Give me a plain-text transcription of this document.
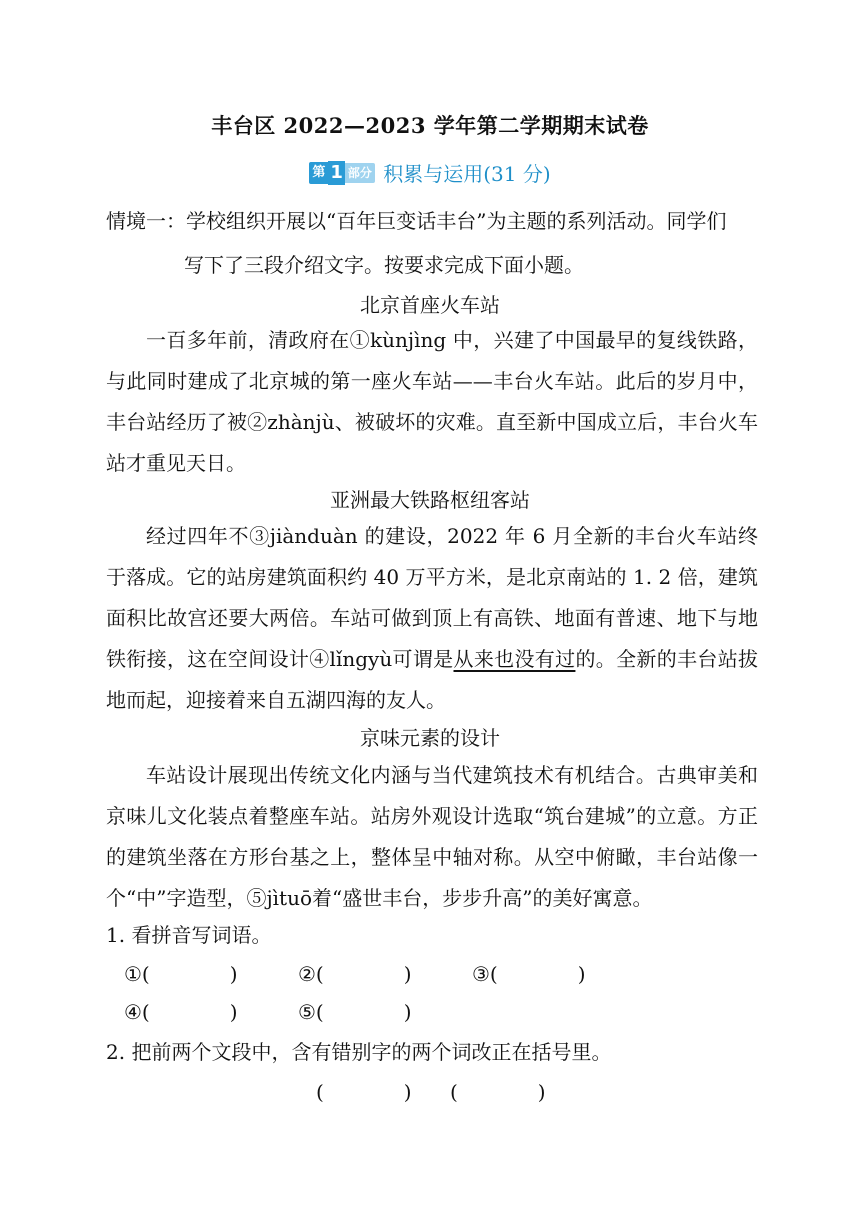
丰台区 2022—2023 学年第二学期期末试卷
第 1 部分 积累与运用(31 分)
情境一：学校组织开展以“百年巨变话丰台”为主题的系列活动。同学们
写下了三段介绍文字。按要求完成下面小题。
北京首座火车站
一百多年前，清政府在①kùnjìng 中，兴建了中国最早的复线铁路，与此同时建成了北京城的第一座火车站——丰台火车站。此后的岁月中，丰台站经历了被②zhànjù、被破坏的灾难。直至新中国成立后，丰台火车站才重见天日。
亚洲最大铁路枢纽客站
经过四年不③jiànduàn 的建设，2022 年 6 月全新的丰台火车站终于落成。它的站房建筑面积约 40 万平方米，是北京南站的 1. 2 倍，建筑面积比故宫还要大两倍。车站可做到顶上有高铁、地面有普速、地下与地铁衔接，这在空间设计④lǐngyù可谓是从来也没有过的。全新的丰台站拔地而起，迎接着来自五湖四海的友人。
京味元素的设计
车站设计展现出传统文化内涵与当代建筑技术有机结合。古典审美和京味儿文化装点着整座车站。站房外观设计选取“筑台建城”的立意。方正的建筑坐落在方形台基之上，整体呈中轴对称。从空中俯瞰，丰台站像一个“中”字造型，⑤jìtuō着“盛世丰台，步步升高”的美好寓意。
1. 看拼音写词语。
①(　　　　)	②(　　　　)	③(　　　　)
④(　　　　)	⑤(　　　　)
2. 把前两个文段中，含有错别字的两个词改正在括号里。
(　　　　) (　　　　)
